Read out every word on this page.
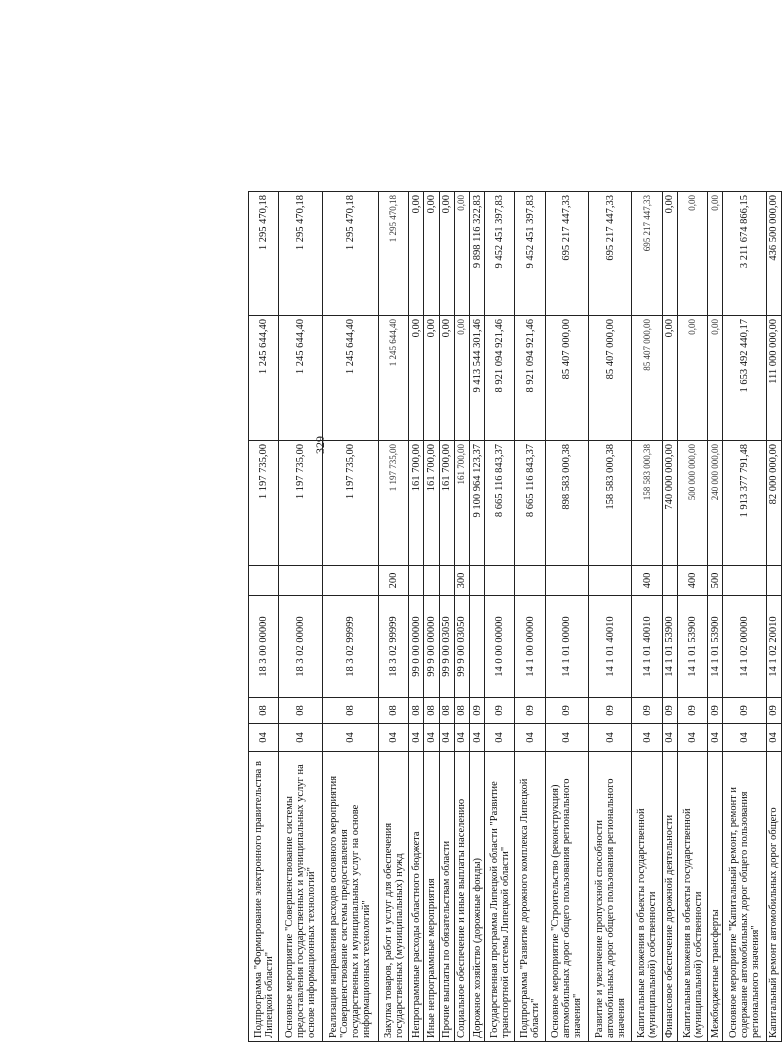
329
Подпрограмма "Формирование электронного правительства в Липецкой области"	04	08	18 3 00 00000		1 197 735,00	1 245 644,40	1 295 470,18
Основное мероприятие "Совершенствование системы предоставления государственных и муниципальных услуг на основе информационных технологий"	04	08	18 3 02 00000		1 197 735,00	1 245 644,40	1 295 470,18
Реализация направления расходов основного мероприятия "Совершенствование системы предоставления государственных и муниципальных услуг на основе информационных технологий"	04	08	18 3 02 99999		1 197 735,00	1 245 644,40	1 295 470,18
Закупка товаров, работ и услуг для обеспечения государственных (муниципальных) нужд	04	08	18 3 02 99999	200	1 197 735,00	1 245 644,40	1 295 470,18
Непрограммные расходы областного бюджета	04	08	99 0 00 00000		161 700,00	0,00	0,00
Иные непрограммные мероприятия	04	08	99 9 00 00000		161 700,00	0,00	0,00
Прочие выплаты по обязательствам области	04	08	99 9 00 03050		161 700,00	0,00	0,00
Социальное обеспечение и иные выплаты населению	04	08	99 9 00 03050	300	161 700,00	0,00	0,00
Дорожное хозяйство (дорожные фонды)	04	09			9 100 964 123,37	9 413 544 301,46	9 898 116 322,83
Государственная программа Липецкой области "Развитие транспортной системы Липецкой области"	04	09	14 0 00 00000		8 665 116 843,37	8 921 094 921,46	9 452 451 397,83
Подпрограмма "Развитие дорожного комплекса Липецкой области"	04	09	14 1 00 00000		8 665 116 843,37	8 921 094 921,46	9 452 451 397,83
Основное мероприятие "Строительство (реконструкция) автомобильных дорог общего пользования регионального значения"	04	09	14 1 01 00000		898 583 000,38	85 407 000,00	695 217 447,33
Развитие и увеличение пропускной способности автомобильных дорог общего пользования регионального значения	04	09	14 1 01 40010		158 583 000,38	85 407 000,00	695 217 447,33
Капитальные вложения в объекты государственной (муниципальной) собственности	04	09	14 1 01 40010	400	158 583 000,38	85 407 000,00	695 217 447,33
Финансовое обеспечение дорожной деятельности	04	09	14 1 01 53900		740 000 000,00	0,00	0,00
Капитальные вложения в объекты государственной (муниципальной) собственности	04	09	14 1 01 53900	400	500 000 000,00	0,00	0,00
Межбюджетные трансферты	04	09	14 1 01 53900	500	240 000 000,00	0,00	0,00
Основное мероприятие "Капитальный ремонт, ремонт и содержание автомобильных дорог общего пользования регионального значения"	04	09	14 1 02 00000		1 913 377 791,48	1 653 492 440,17	3 211 674 866,15
Капитальный ремонт автомобильных дорог общего	04	09	14 1 02 20010		82 000 000,00	111 000 000,00	436 500 000,00
